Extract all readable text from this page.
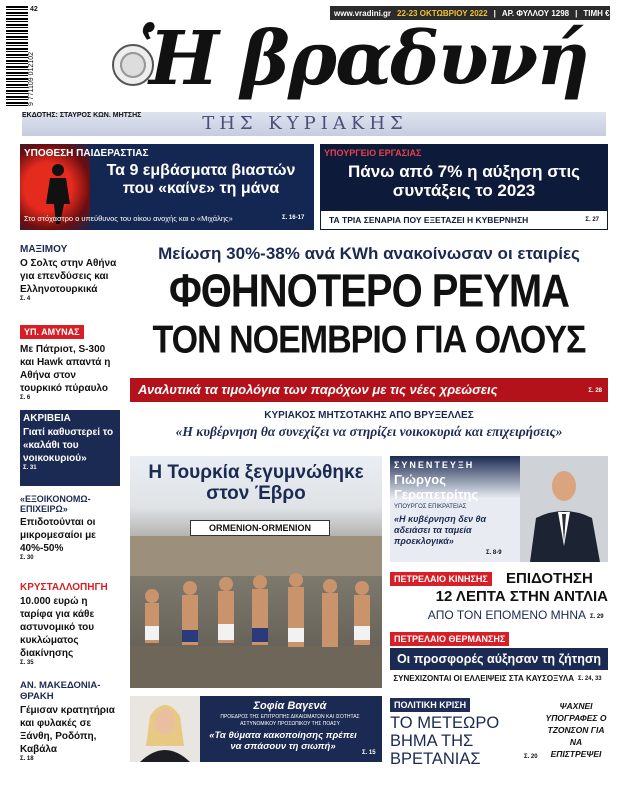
www.vradini.gr 22-23 ΟΚΤΩΒΡΙΟΥ 2022 | ΑΡ. ΦΥΛΛΟΥ 1298 | ΤΙΜΗ € 1,00
9 771109 012102
42
Ἡ βραδυνή
ΕΚΔΟΤΗΣ: ΣΤΑΥΡΟΣ ΚΩΝ. ΜΗΤΣΗΣ	ΤΗΣ ΚΥΡΙΑΚΗΣ
ΥΠΟΘΕΣΗ ΠΑΙΔΕΡΑΣΤΙΑΣ
Τα 9 εμβάσματα βιαστών που «καίνε» τη μάνα
Στο στόχαστρο ο υπεύθυνος του οίκου ανοχής και ο «Μιχάλης»	Σ. 16-17
ΥΠΟΥΡΓΕΙΟ ΕΡΓΑΣΙΑΣ
Πάνω από 7% η αύξηση στις συντάξεις το 2023
ΤΑ ΤΡΙΑ ΣΕΝΑΡΙΑ ΠΟΥ ΕΞΕΤΑΖΕΙ Η ΚΥΒΕΡΝΗΣΗ	Σ. 27
Μείωση 30%-38% ανά KWh ανακοίνωσαν οι εταιρίες
ΦΘΗΝΟΤΕΡΟ ΡΕΥΜΑ
ΤΟΝ ΝΟΕΜΒΡΙΟ ΓΙΑ ΟΛΟΥΣ
Αναλυτικά τα τιμολόγια των παρόχων με τις νέες χρεώσεις	Σ. 28
ΚΥΡΙΑΚΟΣ ΜΗΤΣΟΤΑΚΗΣ ΑΠΟ ΒΡΥΞΕΛΛΕΣ
«Η κυβέρνηση θα συνεχίζει να στηρίζει νοικοκυριά και επιχειρήσεις»
ΜΑΞΙΜΟΥ
Ο Σολτς στην Αθήνα για επενδύσεις και Ελληνοτουρκικά
Σ. 4
ΥΠ. ΑΜΥΝΑΣ
Με Πάτριοτ, S-300 και Hawk απαντά η Αθήνα στον τουρκικό πύραυλο
Σ. 6
ΑΚΡΙΒΕΙΑ
Γιατί καθυστερεί το «καλάθι του νοικοκυριού»
Σ. 31
«ΕΞΟΙΚΟΝΟΜΩ- ΕΠΙΧΕΙΡΩ»
Επιδοτούνται οι μικρομεσαίοι με 40%-50%
Σ. 30
ΚΡΥΣΤΑΛΛΟΠΗΓΗ
10.000 ευρώ η ταρίφα για κάθε αστυνομικό του κυκλώματος διακίνησης
Σ. 35
ΑΝ. ΜΑΚΕΔΟΝΙΑ- ΘΡΑΚΗ
Γέμισαν κρατητήρια και φυλακές σε Ξάνθη, Ροδόπη, Καβάλα
Σ. 18
Η Τουρκία ξεγυμνώθηκε στον Έβρο
ORMENION-ORMENION
ΣΥΝΕΝΤΕΥΞΗ
Γιώργος Γεραπετρίτης
ΥΠΟΥΡΓΟΣ ΕΠΙΚΡΑΤΕΙΑΣ
«Η κυβέρνηση δεν θα αδειάσει τα ταμεία προεκλογικά»
Σ. 8-9
ΠΕΤΡΕΛΑΙΟ ΚΙΝΗΣΗΣ ΕΠΙΔΟΤΗΣΗ
12 ΛΕΠΤΑ ΣΤΗΝ ΑΝΤΛΙΑ
ΑΠΟ ΤΟΝ ΕΠΟΜΕΝΟ ΜΗΝΑ Σ. 29
ΠΕΤΡΕΛΑΙΟ ΘΕΡΜΑΝΣΗΣ
Οι προσφορές αύξησαν τη ζήτηση
ΣΥΝΕΧΙΖΟΝΤΑΙ ΟΙ ΕΛΛΕΙΨΕΙΣ ΣΤΑ ΚΑΥΣΟΞΥΛΑ Σ. 24, 33
Σοφία Βαγενά
ΠΡΟΕΔΡΟΣ ΤΗΣ ΕΠΙΤΡΟΠΗΣ ΔΙΚΑΙΩΜΑΤΩΝ ΚΑΙ ΙΣΟΤΗΤΑΣ ΑΣΤΥΝΟΜΙΚΟΥ ΠΡΟΣΩΠΙΚΟΥ ΤΗΣ ΠΟΑΣΥ
«Τα θύματα κακοποίησης πρέπει να σπάσουν τη σιωπή»
Σ. 15
ΠΟΛΙΤΙΚΗ ΚΡΙΣΗ
ΤΟ ΜΕΤΕΩΡΟ ΒΗΜΑ ΤΗΣ ΒΡΕΤΑΝΙΑΣ	Σ. 20
ΨΑΧΝΕΙ ΥΠΟΓΡΑΦΕΣ Ο ΤΖΟΝΣΟΝ ΓΙΑ ΝΑ ΕΠΙΣΤΡΕΨΕΙ
